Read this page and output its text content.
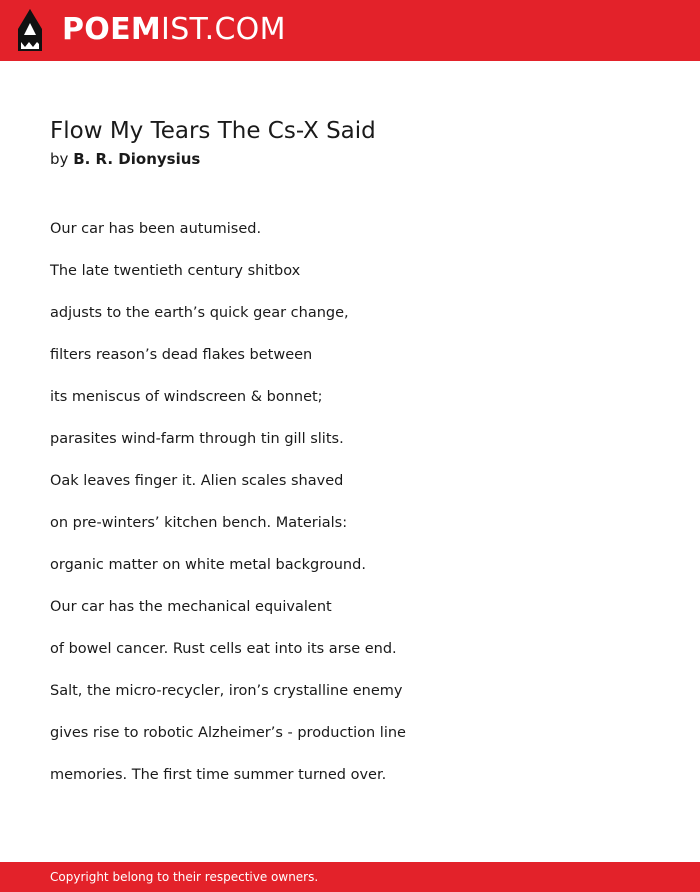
POEMIST.COM
Flow My Tears The Cs-X Said
by B. R. Dionysius
Our car has been autumised.
The late twentieth century shitbox
adjusts to the earth’s quick gear change,
filters reason’s dead flakes between
its meniscus of windscreen & bonnet;
parasites wind-farm through tin gill slits.
Oak leaves finger it. Alien scales shaved
on pre-winters’ kitchen bench. Materials:
organic matter on white metal background.
Our car has the mechanical equivalent
of bowel cancer. Rust cells eat into its arse end.
Salt, the micro-recycler, iron’s crystalline enemy
gives rise to robotic Alzheimer’s - production line
memories. The first time summer turned over.
Copyright belong to their respective owners.
